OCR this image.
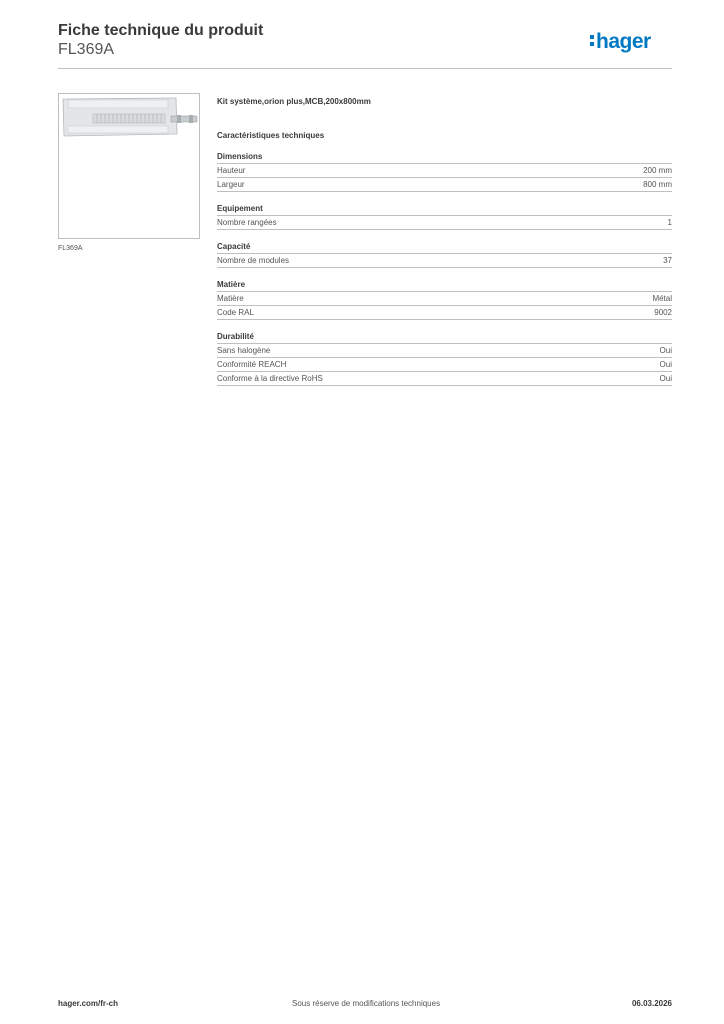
Fiche technique du produit
FL369A	hager
FL369A
Kit système,orion plus,MCB,200x800mm
Caractéristiques techniques
Dimensions
Hauteur	200 mm
Largeur	800 mm
Equipement
Nombre rangées	1
Capacité
Nombre de modules	37
Matière
Matière	Métal
Code RAL	9002
Durabilité
Sans halogène	Oui
Conformité REACH	Oui
Conforme à la directive RoHS	Oui
hager.com/fr-ch	Sous réserve de modifications techniques	06.03.2026
